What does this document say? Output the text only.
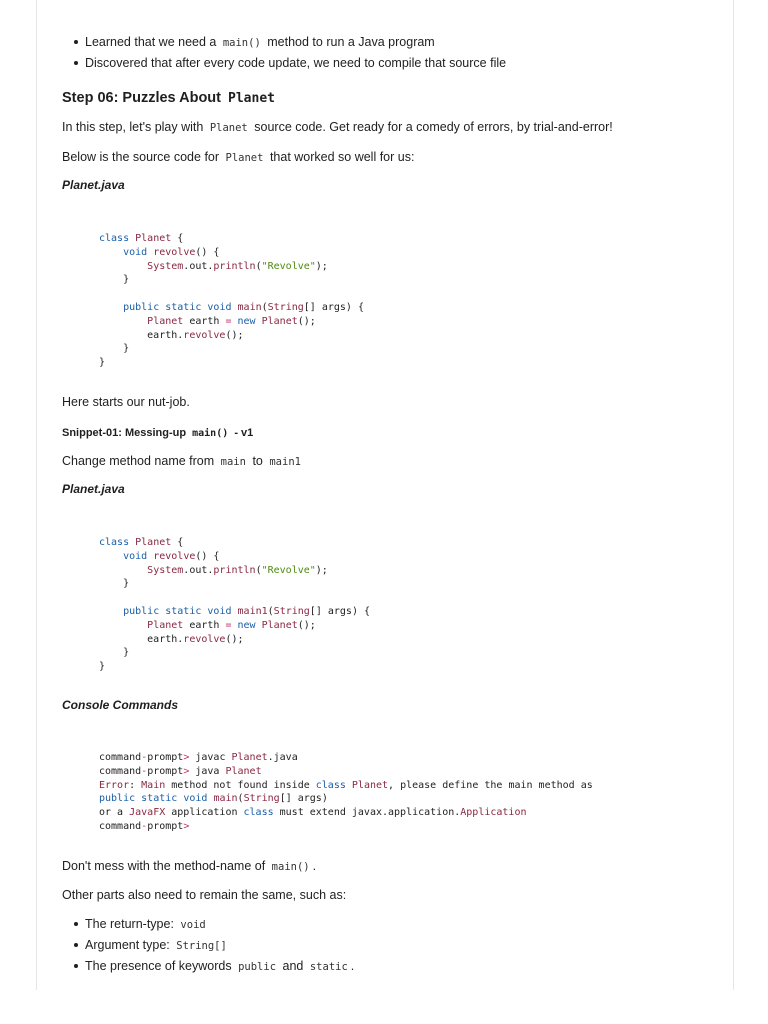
Learned that we need a main() method to run a Java program
Discovered that after every code update, we need to compile that source file
Step 06: Puzzles About Planet
In this step, let's play with Planet source code. Get ready for a comedy of errors, by trial-and-error!
Below is the source code for Planet that worked so well for us:
Planet.java
class Planet {
void revolve() {
System.out.println("Revolve");
}

public static void main(String[] args) {
Planet earth = new Planet();
earth.revolve();
}
}
Here starts our nut-job.
Snippet-01: Messing-up main() - v1
Change method name from main to main1
Planet.java
class Planet {
void revolve() {
System.out.println("Revolve");
}

public static void main1(String[] args) {
Planet earth = new Planet();
earth.revolve();
}
}
Console Commands
command-prompt> javac Planet.java
command-prompt> java Planet
Error: Main method not found inside class Planet, please define the main method as
public static void main(String[] args)
or a JavaFX application class must extend javax.application.Application
command-prompt>
Don't mess with the method-name of main() .
Other parts also need to remain the same, such as:
The return-type: void
Argument type: String[]
The presence of keywords public and static .
